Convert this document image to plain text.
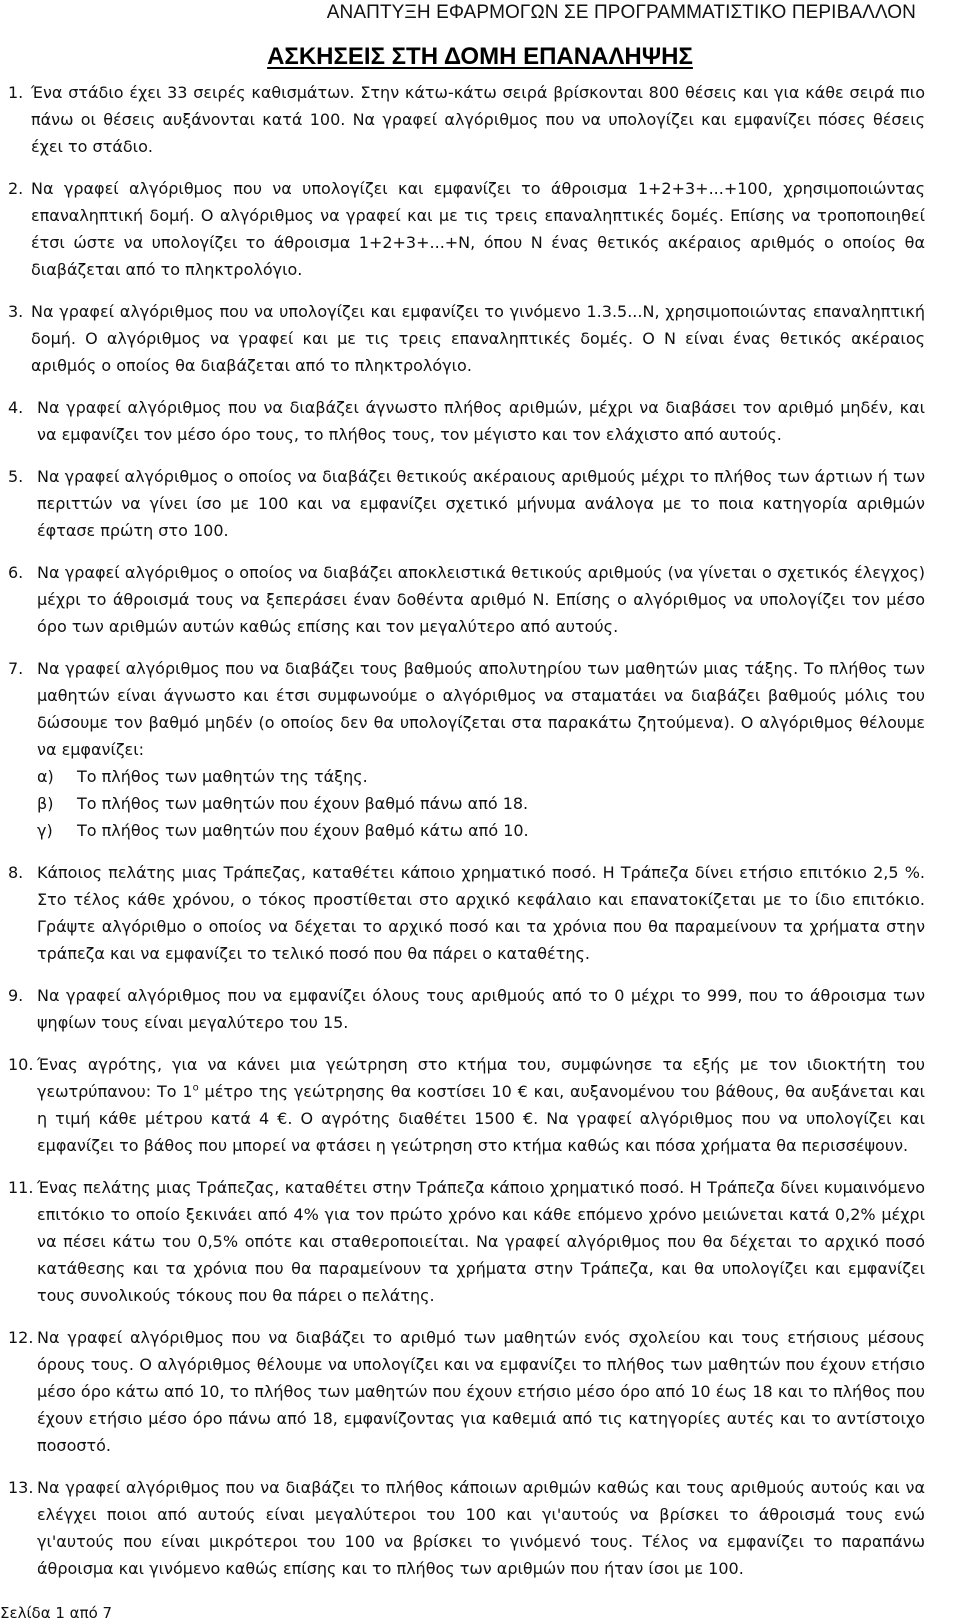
ΑΝΑΠΤΥΞΗ ΕΦΑΡΜΟΓΩΝ ΣΕ ΠΡΟΓΡΑΜΜΑΤΙΣΤΙΚΟ ΠΕΡΙΒΑΛΛΟΝ
ΑΣΚΗΣΕΙΣ ΣΤΗ ΔΟΜΗ ΕΠΑΝΑΛΗΨΗΣ
1. Ένα στάδιο έχει 33 σειρές καθισμάτων. Στην κάτω-κάτω σειρά βρίσκονται 800 θέσεις και για κάθε σειρά πιο πάνω οι θέσεις αυξάνονται κατά 100. Να γραφεί αλγόριθμος που να υπολογίζει και εμφανίζει πόσες θέσεις έχει το στάδιο.
2. Να γραφεί αλγόριθμος που να υπολογίζει και εμφανίζει το άθροισμα 1+2+3+...+100, χρησιμοποιώντας επαναληπτική δομή. Ο αλγόριθμος να γραφεί και με τις τρεις επαναληπτικές δομές. Επίσης να τροποποιηθεί έτσι ώστε να υπολογίζει το άθροισμα 1+2+3+...+Ν, όπου Ν ένας θετικός ακέραιος αριθμός ο οποίος θα διαβάζεται από το πληκτρολόγιο.
3. Να γραφεί αλγόριθμος που να υπολογίζει και εμφανίζει το γινόμενο 1.3.5...Ν, χρησιμοποιώντας επαναληπτική δομή. Ο αλγόριθμος να γραφεί και με τις τρεις επαναληπτικές δομές. Ο Ν είναι ένας θετικός ακέραιος αριθμός ο οποίος θα διαβάζεται από το πληκτρολόγιο.
4. Να γραφεί αλγόριθμος που να διαβάζει άγνωστο πλήθος αριθμών, μέχρι να διαβάσει τον αριθμό μηδέν, και να εμφανίζει τον μέσο όρο τους, το πλήθος τους, τον μέγιστο και τον ελάχιστο από αυτούς.
5. Να γραφεί αλγόριθμος ο οποίος να διαβάζει θετικούς ακέραιους αριθμούς μέχρι το πλήθος των άρτιων ή των περιττών να γίνει ίσο με 100 και να εμφανίζει σχετικό μήνυμα ανάλογα με το ποια κατηγορία αριθμών έφτασε πρώτη στο 100.
6. Να γραφεί αλγόριθμος ο οποίος να διαβάζει αποκλειστικά θετικούς αριθμούς (να γίνεται ο σχετικός έλεγχος) μέχρι το άθροισμά τους να ξεπεράσει έναν δοθέντα αριθμό Ν. Επίσης ο αλγόριθμος να υπολογίζει τον μέσο όρο των αριθμών αυτών καθώς επίσης και τον μεγαλύτερο από αυτούς.
7. Να γραφεί αλγόριθμος που να διαβάζει τους βαθμούς απολυτηρίου των μαθητών μιας τάξης. Το πλήθος των μαθητών είναι άγνωστο και έτσι συμφωνούμε ο αλγόριθμος να σταματάει να διαβάζει βαθμούς μόλις του δώσουμε τον βαθμό μηδέν (ο οποίος δεν θα υπολογίζεται στα παρακάτω ζητούμενα). Ο αλγόριθμος θέλουμε να εμφανίζει:
α) Το πλήθος των μαθητών της τάξης.
β) Το πλήθος των μαθητών που έχουν βαθμό πάνω από 18.
γ) Το πλήθος των μαθητών που έχουν βαθμό κάτω από 10.
8. Κάποιος πελάτης μιας Τράπεζας, καταθέτει κάποιο χρηματικό ποσό. Η Τράπεζα δίνει ετήσιο επιτόκιο 2,5 %. Στο τέλος κάθε χρόνου, ο τόκος προστίθεται στο αρχικό κεφάλαιο και επανατοκίζεται με το ίδιο επιτόκιο. Γράψτε αλγόριθμο ο οποίος να δέχεται το αρχικό ποσό και τα χρόνια που θα παραμείνουν τα χρήματα στην τράπεζα και να εμφανίζει το τελικό ποσό που θα πάρει ο καταθέτης.
9. Να γραφεί αλγόριθμος που να εμφανίζει όλους τους αριθμούς από το 0 μέχρι το 999, που το άθροισμα των ψηφίων τους είναι μεγαλύτερο του 15.
10. Ένας αγρότης, για να κάνει μια γεώτρηση στο κτήμα του, συμφώνησε τα εξής με τον ιδιοκτήτη του γεωτρύπανου: Το $1^o$ μέτρο της γεώτρησης θα κοστίσει 10 € και, αυξανομένου του βάθους, θα αυξάνεται και η τιμή κάθε μέτρου κατά 4 €. Ο αγρότης διαθέτει 1500 €. Να γραφεί αλγόριθμος που να υπολογίζει και εμφανίζει το βάθος που μπορεί να φτάσει η γεώτρηση στο κτήμα καθώς και πόσα χρήματα θα περισσέψουν.
11. Ένας πελάτης μιας Τράπεζας, καταθέτει στην Τράπεζα κάποιο χρηματικό ποσό. Η Τράπεζα δίνει κυμαινόμενο επιτόκιο το οποίο ξεκινάει από 4% για τον πρώτο χρόνο και κάθε επόμενο χρόνο μειώνεται κατά 0,2% μέχρι να πέσει κάτω του 0,5% οπότε και σταθεροποιείται. Να γραφεί αλγόριθμος που θα δέχεται το αρχικό ποσό κατάθεσης και τα χρόνια που θα παραμείνουν τα χρήματα στην Τράπεζα, και θα υπολογίζει και εμφανίζει τους συνολικούς τόκους που θα πάρει ο πελάτης.
12. Να γραφεί αλγόριθμος που να διαβάζει το αριθμό των μαθητών ενός σχολείου και τους ετήσιους μέσους όρους τους. Ο αλγόριθμος θέλουμε να υπολογίζει και να εμφανίζει το πλήθος των μαθητών που έχουν ετήσιο μέσο όρο κάτω από 10, το πλήθος των μαθητών που έχουν ετήσιο μέσο όρο από 10 έως 18 και το πλήθος που έχουν ετήσιο μέσο όρο πάνω από 18, εμφανίζοντας για καθεμιά από τις κατηγορίες αυτές και το αντίστοιχο ποσοστό.
13. Να γραφεί αλγόριθμος που να διαβάζει το πλήθος κάποιων αριθμών καθώς και τους αριθμούς αυτούς και να ελέγχει ποιοι από αυτούς είναι μεγαλύτεροι του 100 και γι'αυτούς να βρίσκει το άθροισμά τους ενώ γι'αυτούς που είναι μικρότεροι του 100 να βρίσκει το γινόμενό τους. Τέλος να εμφανίζει το παραπάνω άθροισμα και γινόμενο καθώς επίσης και το πλήθος των αριθμών που ήταν ίσοι με 100.
Σελίδα 1 από 7
